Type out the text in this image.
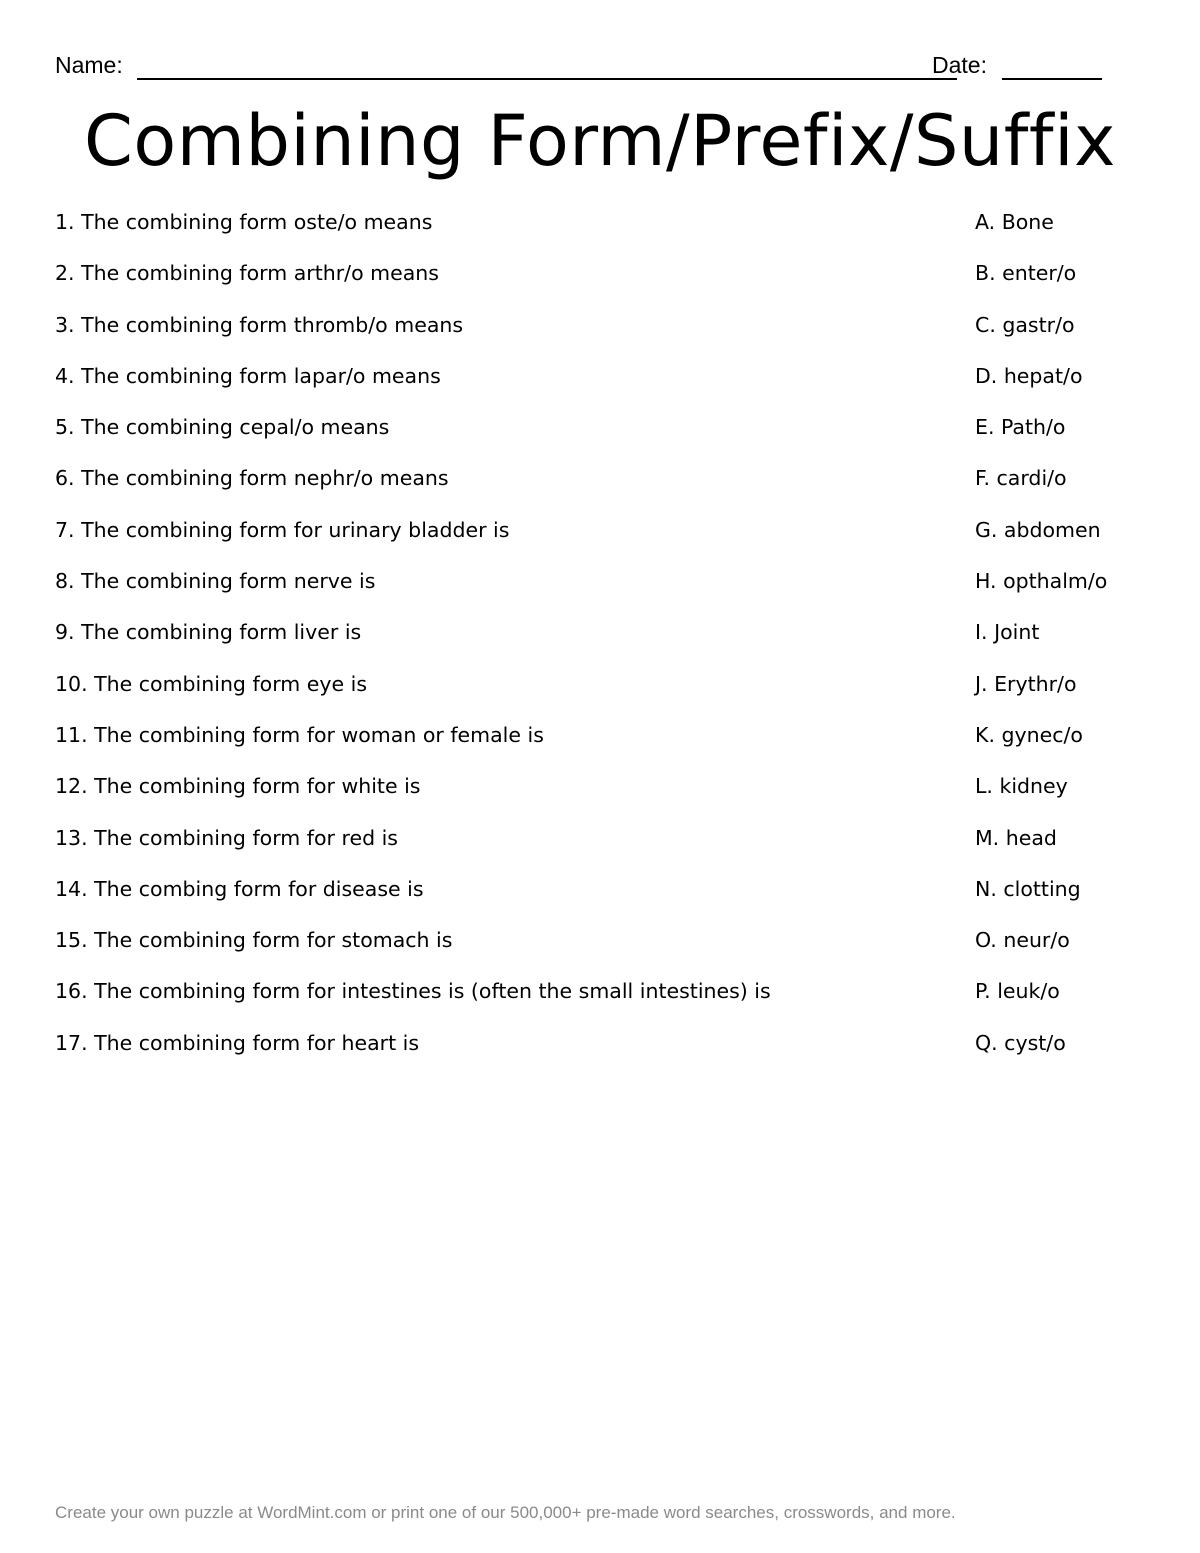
Name:	Date:
Combining Form/Prefix/Suffix
1. The combining form oste/o means
2. The combining form arthr/o means
3. The combining form thromb/o means
4. The combining form lapar/o means
5. The combining cepal/o means
6. The combining form nephr/o means
7. The combining form for urinary bladder is
8. The combining form nerve is
9. The combining form liver is
10. The combining form eye is
11. The combining form for woman or female is
12. The combining form for white is
13. The combining form for red is
14. The combing form for disease is
15. The combining form for stomach is
16. The combining form for intestines is (often the small intestines) is
17. The combining form for heart is
A. Bone
B. enter/o
C. gastr/o
D. hepat/o
E. Path/o
F. cardi/o
G. abdomen
H. opthalm/o
I. Joint
J. Erythr/o
K. gynec/o
L. kidney
M. head
N. clotting
O. neur/o
P. leuk/o
Q. cyst/o
Create your own puzzle at WordMint.com or print one of our 500,000+ pre-made word searches, crosswords, and more.
